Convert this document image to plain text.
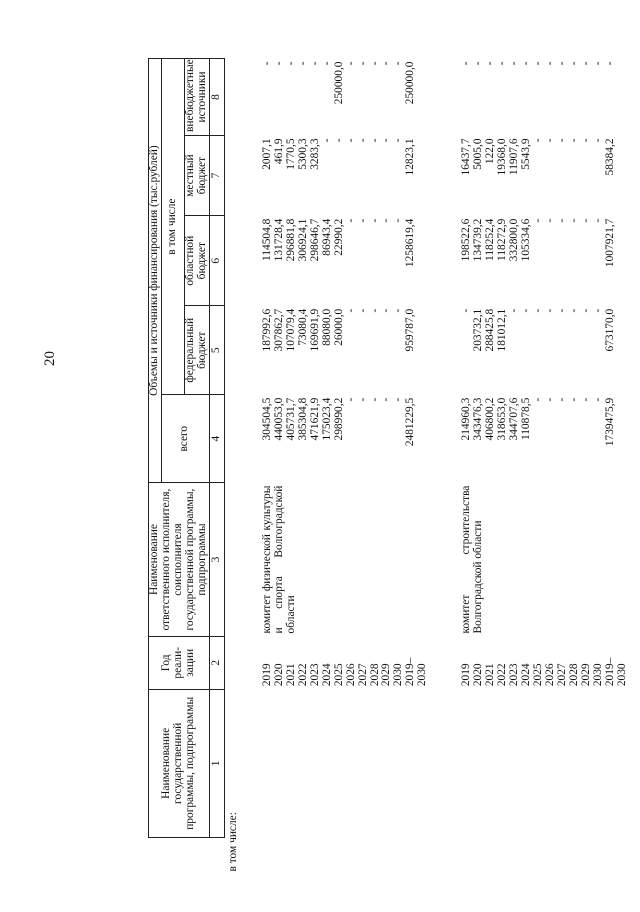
20
Наименование государственной программы, подпрограммы	Год реали-зации	Наименование ответственного исполнителя, соисполнителя государственной программы, подпрограммы	Объемы и источники финансирования (тыс.рублей)				
			всего	в том числе			
				федеральный бюджет	областной бюджет	местный бюджет	внебюджетные источники
1	2	3	4	5	6	7	8
в том числе:							
	2019	комитет физической культуры и спорта Волгоградской области	304504,5	187992,6	114504,8	2007,1	-
	2020		440053,0	307862,7	131728,4	461,9	-
	2021		405731,7	107079,4	296881,8	1770,5	-
	2022		385304,8	73080,4	306924,1	5300,3	-
	2023		471621,9	169691,9	298646,7	3283,3	-
	2024		175023,4	88080,0	86943,4	-	-
	2025		298990,2	26000,0	22990,2	-	250000,0
	2026		-	-	-	-	-
	2027		-	-	-	-	-
	2028		-	-	-	-	-
	2029		-	-	-	-	-
	2030		-	-	-	-	-
	2019–2030		2481229,5	959787,0	1258619,4	12823,1	250000,0
	2019	комитет строительства Волгоградской области	214960,3	-	198522,6	16437,7	-
	2020		343476,3	203732,1	134739,2	5005,0	-
	2021		406800,2	288425,8	118252,4	122,0	-
	2022		318653,0	181012,1	118272,9	19368,0	-
	2023		344707,6	-	332800,0	11907,6	-
	2024		110878,5	-	105334,6	5543,9	-
	2025		-	-	-	-	-
	2026		-	-	-	-	-
	2027		-	-	-	-	-
	2028		-	-	-	-	-
	2029		-	-	-	-	-
	2030		-	-	-	-	-
	2019–2030		1739475,9	673170,0	1007921,7	58384,2	-
